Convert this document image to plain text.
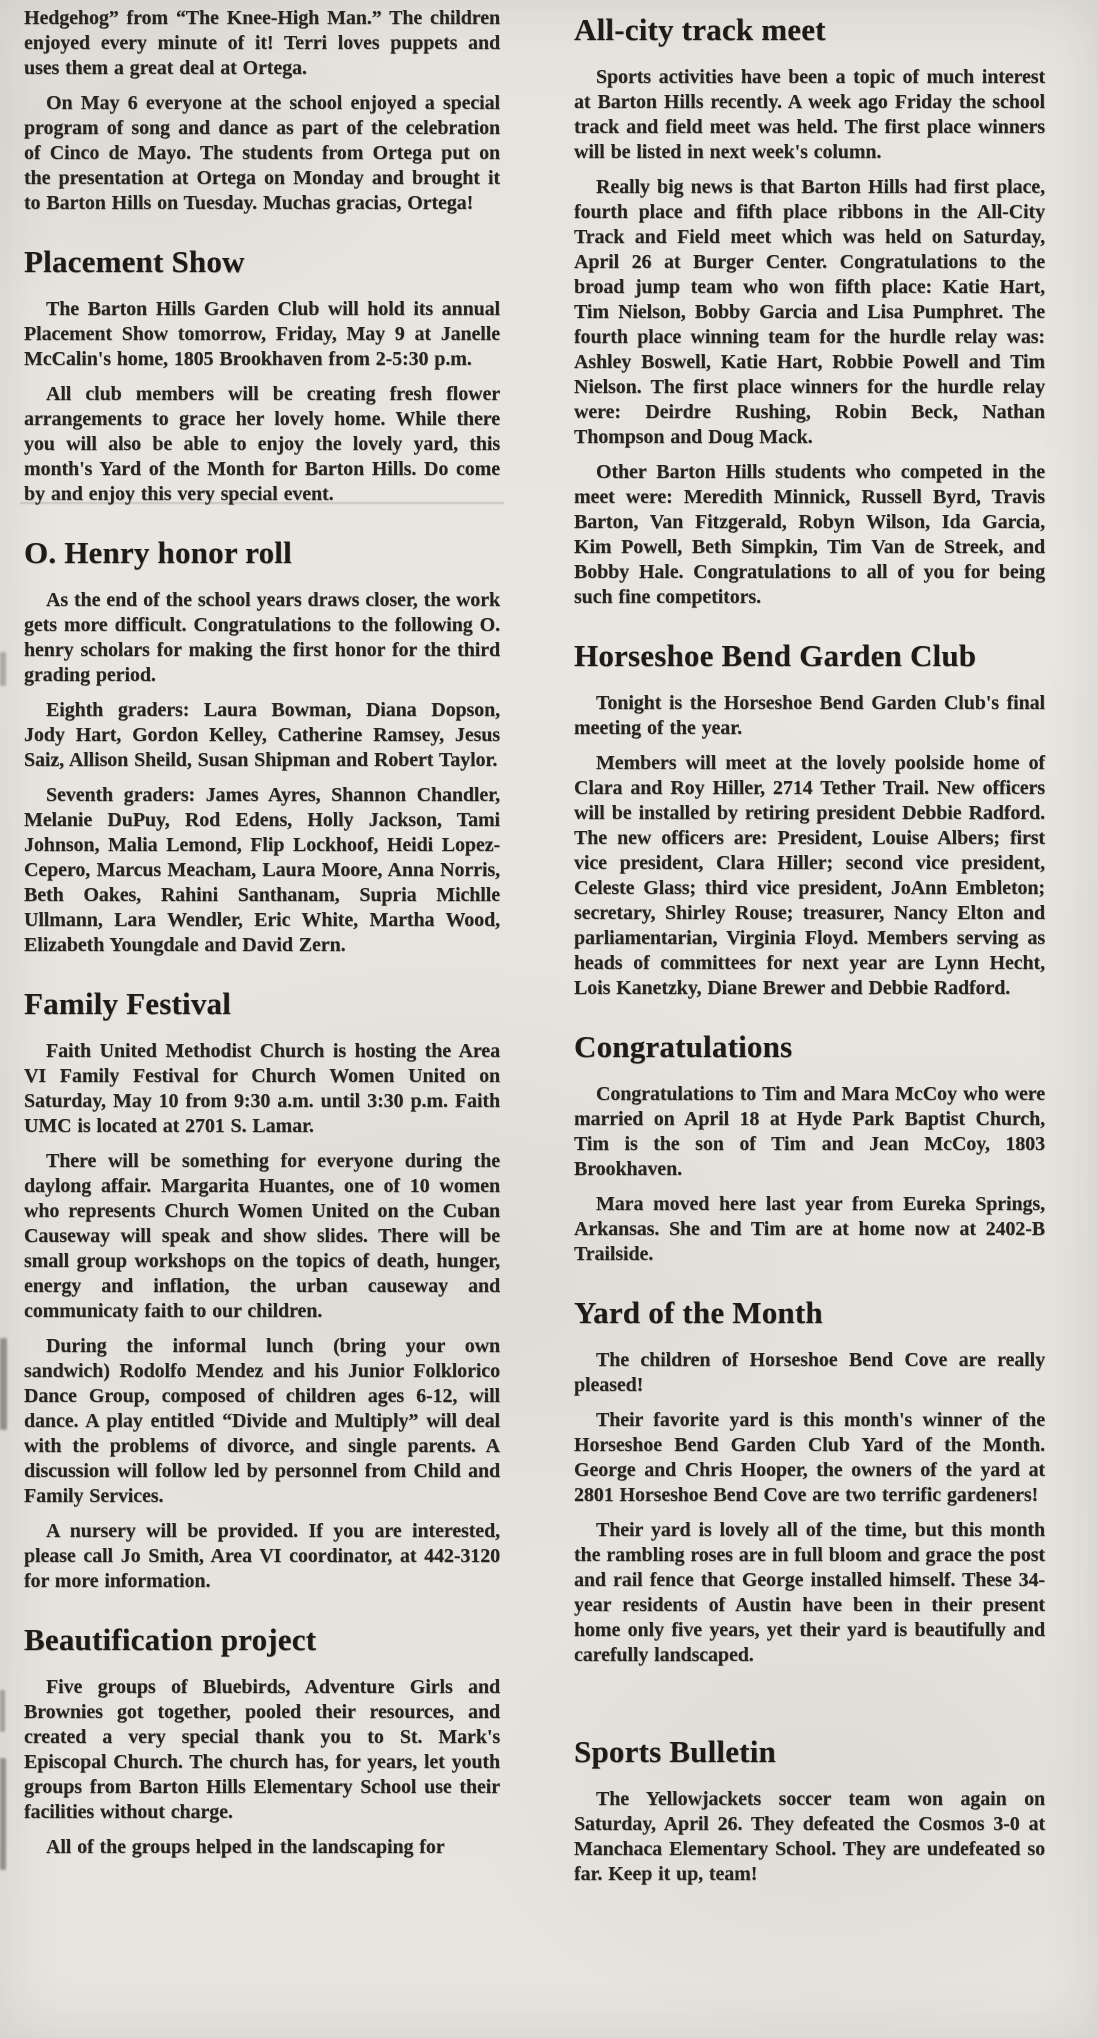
Hedgehog” from “The Knee-High Man.” The children enjoyed every minute of it! Terri loves puppets and uses them a great deal at Ortega.

On May 6 everyone at the school enjoyed a special program of song and dance as part of the celebration of Cinco de Mayo. The students from Ortega put on the presentation at Ortega on Monday and brought it to Barton Hills on Tuesday. Muchas gracias, Ortega!

Placement Show

The Barton Hills Garden Club will hold its annual Placement Show tomorrow, Friday, May 9 at Janelle McCalin's home, 1805 Brookhaven from 2-5:30 p.m.

All club members will be creating fresh flower arrangements to grace her lovely home. While there you will also be able to enjoy the lovely yard, this month's Yard of the Month for Barton Hills. Do come by and enjoy this very special event.

O. Henry honor roll

As the end of the school years draws closer, the work gets more difficult. Congratulations to the following O. henry scholars for making the first honor for the third grading period.

Eighth graders: Laura Bowman, Diana Dopson, Jody Hart, Gordon Kelley, Catherine Ramsey, Jesus Saiz, Allison Sheild, Susan Shipman and Robert Taylor.

Seventh graders: James Ayres, Shannon Chandler, Melanie DuPuy, Rod Edens, Holly Jackson, Tami Johnson, Malia Lemond, Flip Lockhoof, Heidi Lopez-Cepero, Marcus Meacham, Laura Moore, Anna Norris, Beth Oakes, Rahini Santhanam, Supria Michlle Ullmann, Lara Wendler, Eric White, Martha Wood, Elizabeth Youngdale and David Zern.

Family Festival

Faith United Methodist Church is hosting the Area VI Family Festival for Church Women United on Saturday, May 10 from 9:30 a.m. until 3:30 p.m. Faith UMC is located at 2701 S. Lamar.

There will be something for everyone during the daylong affair. Margarita Huantes, one of 10 women who represents Church Women United on the Cuban Causeway will speak and show slides. There will be small group workshops on the topics of death, hunger, energy and inflation, the urban causeway and communicaty faith to our children.

During the informal lunch (bring your own sandwich) Rodolfo Mendez and his Junior Folklorico Dance Group, composed of children ages 6-12, will dance. A play entitled “Divide and Multiply” will deal with the problems of divorce, and single parents. A discussion will follow led by personnel from Child and Family Services.

A nursery will be provided. If you are interested, please call Jo Smith, Area VI coordinator, at 442-3120 for more information.

Beautification project

Five groups of Bluebirds, Adventure Girls and Brownies got together, pooled their resources, and created a very special thank you to St. Mark's Episcopal Church. The church has, for years, let youth groups from Barton Hills Elementary School use their facilities without charge.

All of the groups helped in the landscaping for

All-city track meet

Sports activities have been a topic of much interest at Barton Hills recently. A week ago Friday the school track and field meet was held. The first place winners will be listed in next week's column.

Really big news is that Barton Hills had first place, fourth place and fifth place ribbons in the All-City Track and Field meet which was held on Saturday, April 26 at Burger Center. Congratulations to the broad jump team who won fifth place: Katie Hart, Tim Nielson, Bobby Garcia and Lisa Pumphret. The fourth place winning team for the hurdle relay was: Ashley Boswell, Katie Hart, Robbie Powell and Tim Nielson. The first place winners for the hurdle relay were: Deirdre Rushing, Robin Beck, Nathan Thompson and Doug Mack.

Other Barton Hills students who competed in the meet were: Meredith Minnick, Russell Byrd, Travis Barton, Van Fitzgerald, Robyn Wilson, Ida Garcia, Kim Powell, Beth Simpkin, Tim Van de Streek, and Bobby Hale. Congratulations to all of you for being such fine competitors.

Horseshoe Bend Garden Club

Tonight is the Horseshoe Bend Garden Club's final meeting of the year.

Members will meet at the lovely poolside home of Clara and Roy Hiller, 2714 Tether Trail. New officers will be installed by retiring president Debbie Radford. The new officers are: President, Louise Albers; first vice president, Clara Hiller; second vice president, Celeste Glass; third vice president, JoAnn Embleton; secretary, Shirley Rouse; treasurer, Nancy Elton and parliamentarian, Virginia Floyd. Members serving as heads of committees for next year are Lynn Hecht, Lois Kanetzky, Diane Brewer and Debbie Radford.

Congratulations

Congratulations to Tim and Mara McCoy who were married on April 18 at Hyde Park Baptist Church, Tim is the son of Tim and Jean McCoy, 1803 Brookhaven.

Mara moved here last year from Eureka Springs, Arkansas. She and Tim are at home now at 2402-B Trailside.

Yard of the Month

The children of Horseshoe Bend Cove are really pleased!

Their favorite yard is this month's winner of the Horseshoe Bend Garden Club Yard of the Month. George and Chris Hooper, the owners of the yard at 2801 Horseshoe Bend Cove are two terrific gardeners!

Their yard is lovely all of the time, but this month the rambling roses are in full bloom and grace the post and rail fence that George installed himself. These 34-year residents of Austin have been in their present home only five years, yet their yard is beautifully and carefully landscaped.

Sports Bulletin

The Yellowjackets soccer team won again on Saturday, April 26. They defeated the Cosmos 3-0 at Manchaca Elementary School. They are undefeated so far. Keep it up, team!
